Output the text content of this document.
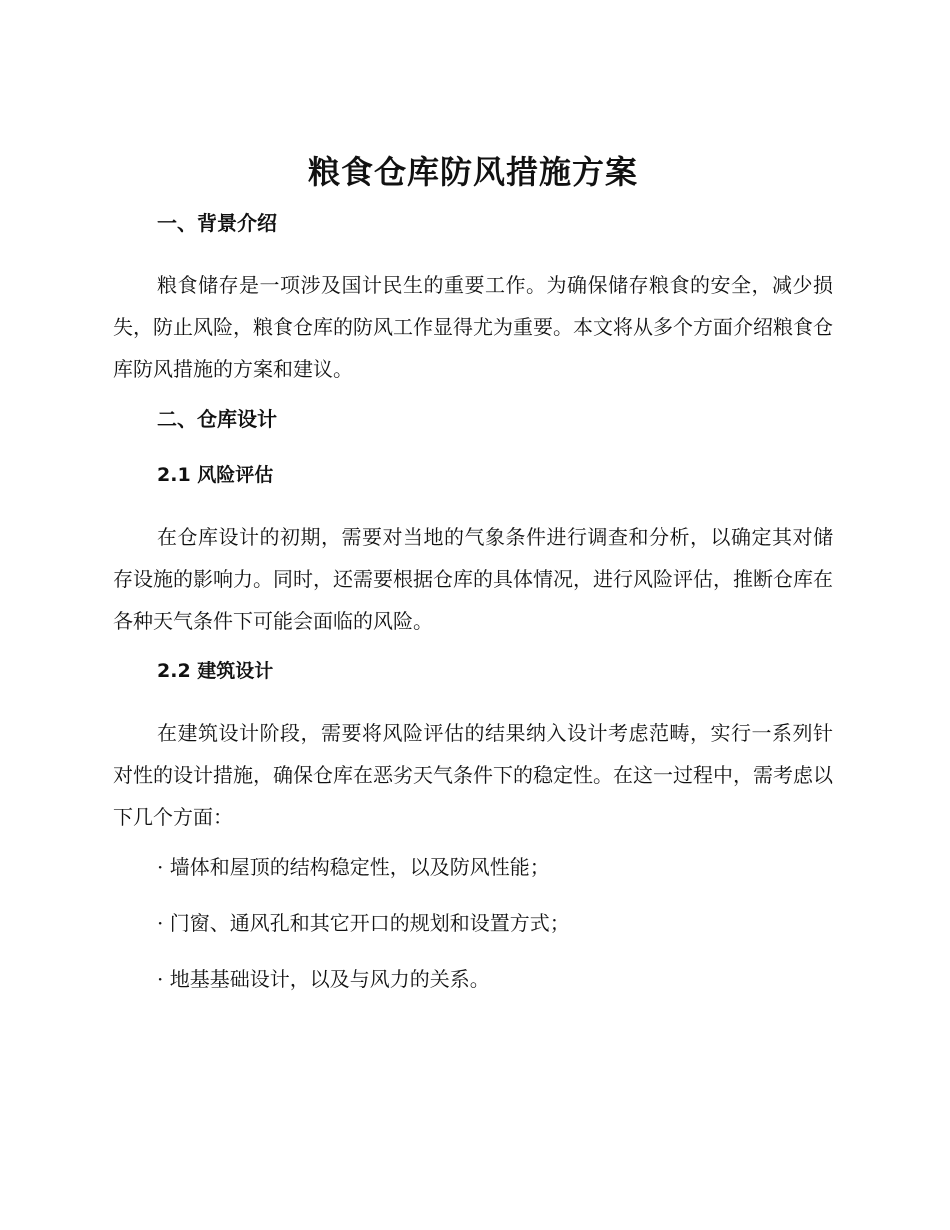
粮食仓库防风措施方案
一、背景介绍

粮食储存是一项涉及国计民生的重要工作。为确保储存粮食的安全，减少损失，防止风险，粮食仓库的防风工作显得尤为重要。本文将从多个方面介绍粮食仓库防风措施的方案和建议。

二、仓库设计
2.1 风险评估

在仓库设计的初期，需要对当地的气象条件进行调查和分析，以确定其对储存设施的影响力。同时，还需要根据仓库的具体情况，进行风险评估，推断仓库在各种天气条件下可能会面临的风险。

2.2 建筑设计

在建筑设计阶段，需要将风险评估的结果纳入设计考虑范畴，实行一系列针对性的设计措施，确保仓库在恶劣天气条件下的稳定性。在这一过程中，需考虑以下几个方面：

· 墙体和屋顶的结构稳定性，以及防风性能；
· 门窗、通风孔和其它开口的规划和设置方式；
· 地基基础设计，以及与风力的关系。
